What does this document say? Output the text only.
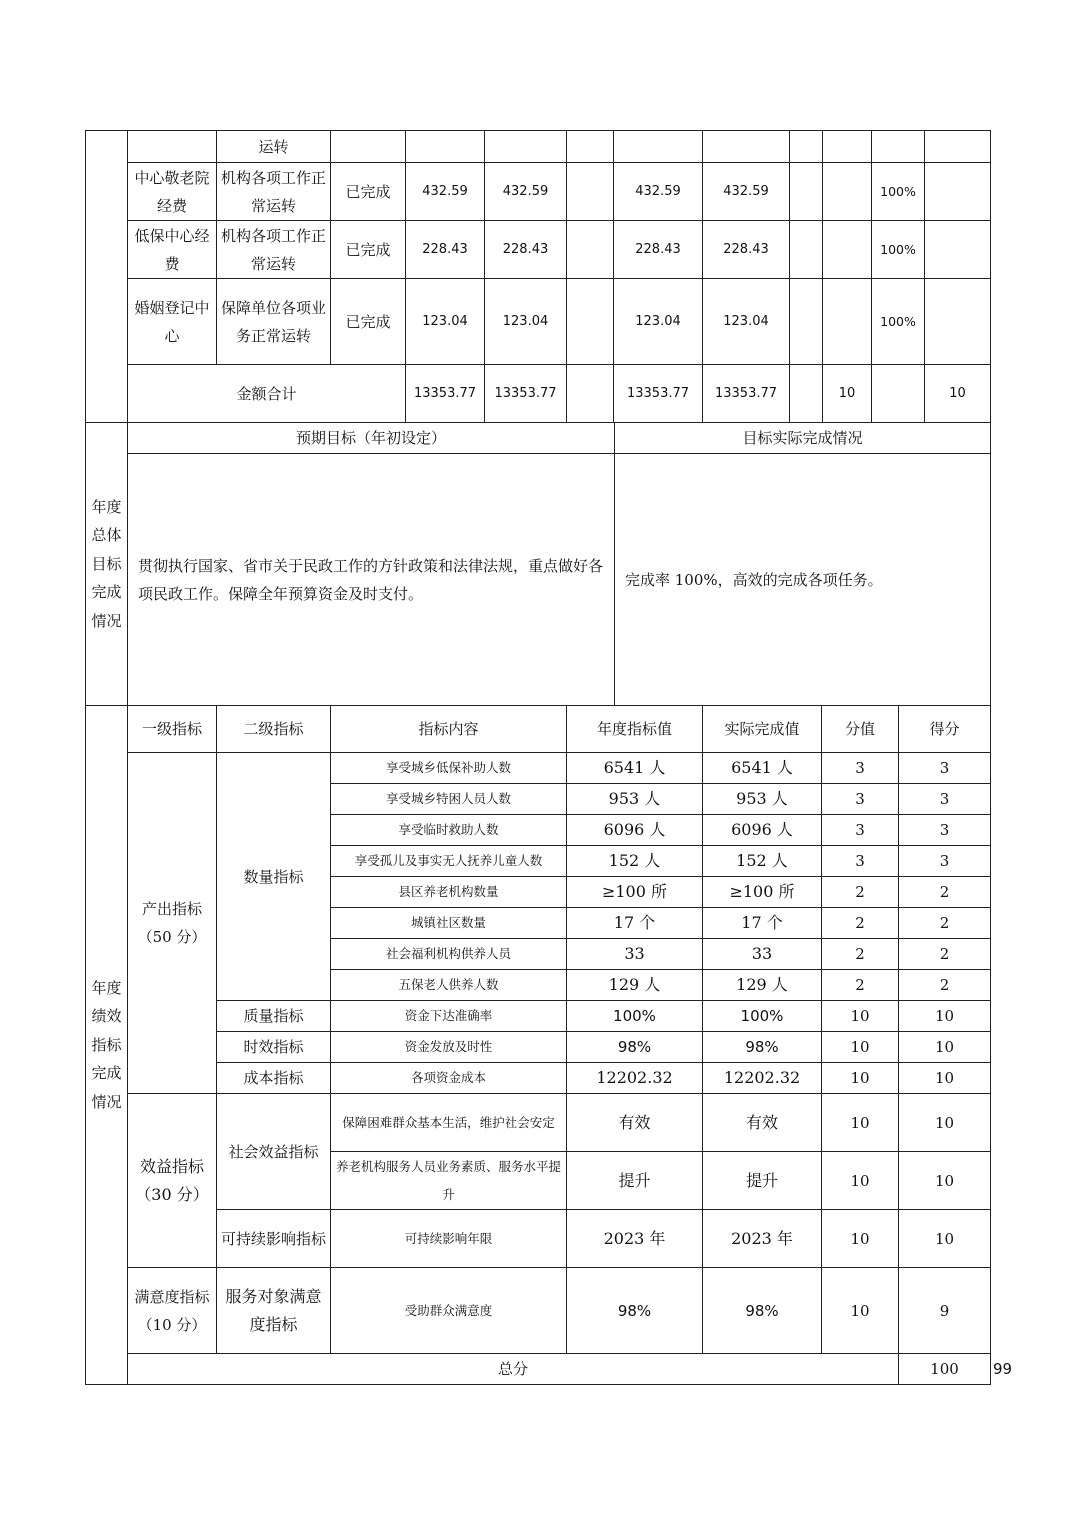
		运转										
	中心敬老院经费	机构各项工作正常运转	已完成	432.59	432.59		432.59	432.59			100%	
	低保中心经费	机构各项工作正常运转	已完成	228.43	228.43		228.43	228.43			100%	
	婚姻登记中心	保障单位各项业务正常运转	已完成	123.04	123.04		123.04	123.04			100%	
	金额合计			13353.77	13353.77		13353.77	13353.77		10		10
年度总体目标完成情况	预期目标（年初设定）	目标实际完成情况
	贯彻执行国家、省市关于民政工作的方针政策和法律法规，重点做好各项民政工作。保障全年预算资金及时支付。	完成率 100%，高效的完成各项任务。
年度绩效指标完成情况	一级指标	二级指标	指标内容	年度指标值	实际完成值	分值	得分	
	产出指标（50 分）	数量指标	享受城乡低保补助人数	6541 人	6541 人	3	3	
			享受城乡特困人员人数	953 人	953 人	3	3	
			享受临时救助人数	6096 人	6096 人	3	3	
			享受孤儿及事实无人抚养儿童人数	152 人	152 人	3	3	
			县区养老机构数量	≥100 所	≥100 所	2	2	
			城镇社区数量	17 个	17 个	2	2	
			社会福利机构供养人员	33	33	2	2	
			五保老人供养人数	129 人	129 人	2	2	
		质量指标	资金下达准确率	100%	100%	10	10	
		时效指标	资金发放及时性	98%	98%	10	10	
		成本指标	各项资金成本	12202.32	12202.32	10	10	
	效益指标（30 分）	社会效益指标	保障困难群众基本生活，维护社会安定	有效	有效	10	10	
			养老机构服务人员业务素质、服务水平提升	提升	提升	10	10	
		可持续影响指标	可持续影响年限	2023 年	2023 年	10	10	
	满意度指标（10 分）	服务对象满意度指标	受助群众满意度	98%	98%	10	9	
	总分						100	99
